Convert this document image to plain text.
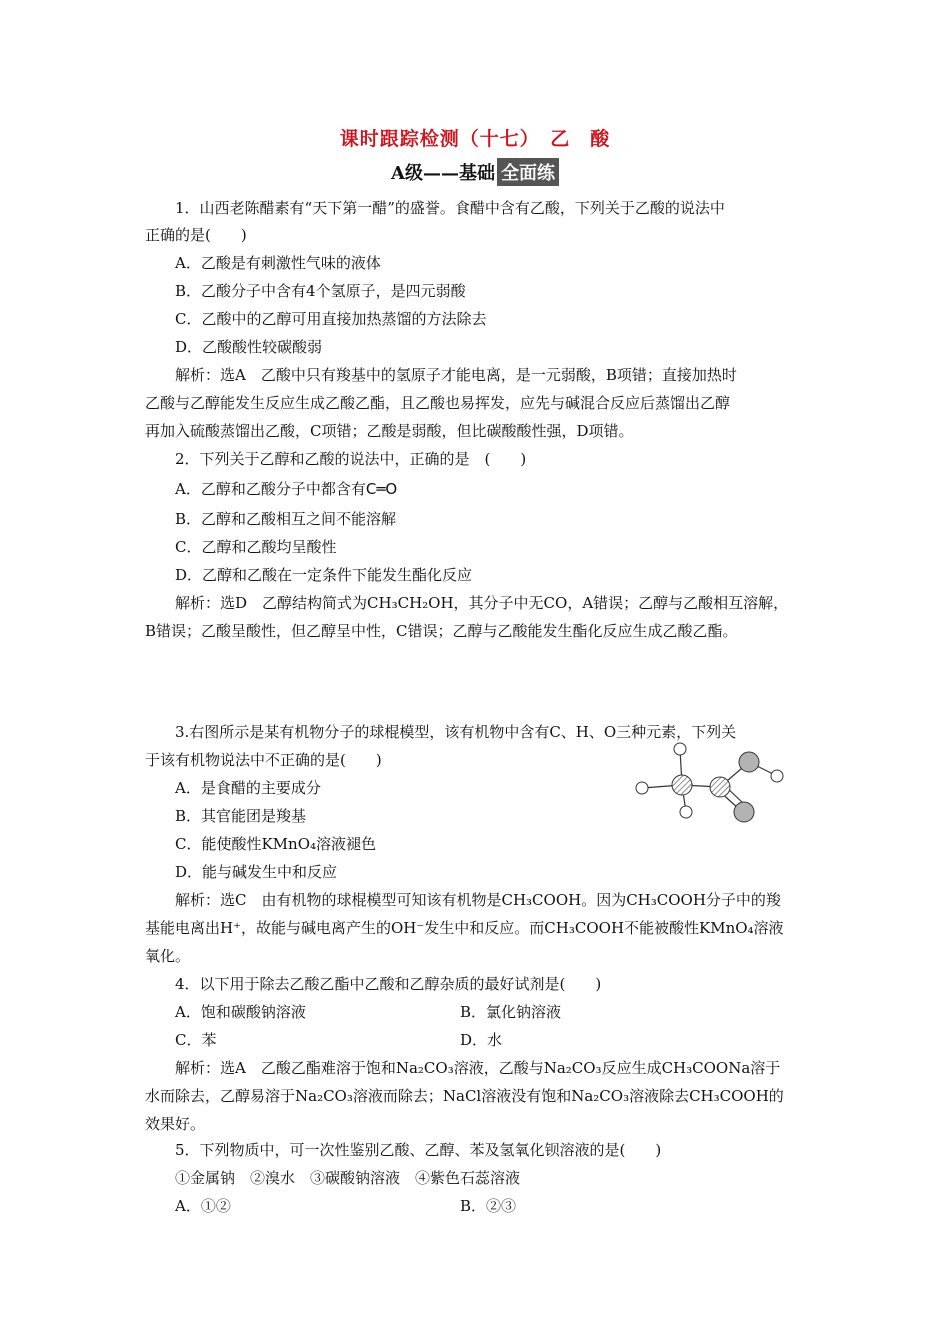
课时跟踪检测（十七）　乙　酸
A级——基础 全面练
1．山西老陈醋素有“天下第一醋”的盛誉。食醋中含有乙酸，下列关于乙酸的说法中
正确的是(　　)
A．乙酸是有刺激性气味的液体
B．乙酸分子中含有4个氢原子，是四元弱酸
C．乙酸中的乙醇可用直接加热蒸馏的方法除去
D．乙酸酸性较碳酸弱
解析：选A　乙酸中只有羧基中的氢原子才能电离，是一元弱酸，B项错；直接加热时
乙酸与乙醇能发生反应生成乙酸乙酯，且乙酸也易挥发，应先与碱混合反应后蒸馏出乙醇
再加入硫酸蒸馏出乙酸，C项错；乙酸是弱酸，但比碳酸酸性强，D项错。
2．下列关于乙醇和乙酸的说法中，正确的是　(　　)
A．乙醇和乙酸分子中都含有C═O
B．乙醇和乙酸相互之间不能溶解
C．乙醇和乙酸均呈酸性
D．乙醇和乙酸在一定条件下能发生酯化反应
解析：选D　乙醇结构简式为CH₃CH₂OH，其分子中无CO，A错误；乙醇与乙酸相互溶解，
B错误；乙酸呈酸性，但乙醇呈中性，C错误；乙醇与乙酸能发生酯化反应生成乙酸乙酯。
3.右图所示是某有机物分子的球棍模型，该有机物中含有C、H、O三种元素，下列关
于该有机物说法中不正确的是(　　)
A．是食醋的主要成分
B．其官能团是羧基
C．能使酸性KMnO₄溶液褪色
D．能与碱发生中和反应
解析：选C　由有机物的球棍模型可知该有机物是CH₃COOH。因为CH₃COOH分子中的羧
基能电离出H⁺，故能与碱电离产生的OH⁻发生中和反应。而CH₃COOH不能被酸性KMnO₄溶液
氧化。
4．以下用于除去乙酸乙酯中乙酸和乙醇杂质的最好试剂是(　　)
A．饱和碳酸钠溶液	B．氯化钠溶液
C．苯	D．水
解析：选A　乙酸乙酯难溶于饱和Na₂CO₃溶液，乙酸与Na₂CO₃反应生成CH₃COONa溶于
水而除去，乙醇易溶于Na₂CO₃溶液而除去；NaCl溶液没有饱和Na₂CO₃溶液除去CH₃COOH的
效果好。
5．下列物质中，可一次性鉴别乙酸、乙醇、苯及氢氧化钡溶液的是(　　)
①金属钠　②溴水　③碳酸钠溶液　④紫色石蕊溶液
A．①②	B．②③
